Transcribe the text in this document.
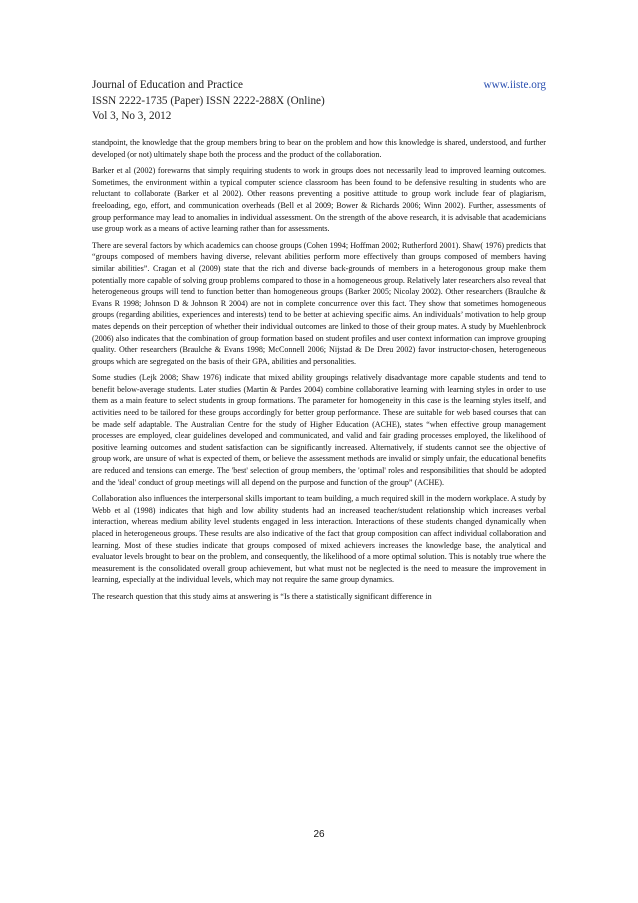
Journal of Education and Practice	www.iiste.org
ISSN 2222-1735 (Paper) ISSN 2222-288X (Online)
Vol 3, No 3, 2012

standpoint, the knowledge that the group members bring to bear on the problem and how this knowledge is shared, understood, and further developed (or not) ultimately shape both the process and the product of the collaboration.

Barker et al (2002) forewarns that simply requiring students to work in groups does not necessarily lead to improved learning outcomes. Sometimes, the environment within a typical computer science classroom has been found to be defensive resulting in students who are reluctant to collaborate (Barker et al 2002). Other reasons preventing a positive attitude to group work include fear of plagiarism, freeloading, ego, effort, and communication overheads (Bell et al 2009; Bower & Richards 2006; Winn 2002). Further, assessments of group performance may lead to anomalies in individual assessment. On the strength of the above research, it is advisable that academicians use group work as a means of active learning rather than for assessments.

There are several factors by which academics can choose groups (Cohen 1994; Hoffman 2002; Rutherford 2001). Shaw( 1976) predicts that “groups composed of members having diverse, relevant abilities perform more effectively than groups composed of members having similar abilities”. Cragan et al (2009) state that the rich and diverse back-grounds of members in a heterogonous group make them potentially more capable of solving group problems compared to those in a homogeneous group. Relatively later researchers also reveal that heterogeneous groups will tend to function better than homogeneous groups (Barker 2005; Nicolay 2002). Other researchers (Braulche & Evans R 1998; Johnson D & Johnson R 2004) are not in complete concurrence over this fact. They show that sometimes homogeneous groups (regarding abilities, experiences and interests) tend to be better at achieving specific aims. An individuals’ motivation to help group mates depends on their perception of whether their individual outcomes are linked to those of their group mates. A study by Muehlenbrock (2006) also indicates that the combination of group formation based on student profiles and user context information can improve grouping quality. Other researchers (Braulche & Evans 1998; McConnell 2006; Nijstad & De Dreu 2002) favor instructor-chosen, heterogeneous groups which are segregated on the basis of their GPA, abilities and personalities.

Some studies (Lejk 2008; Shaw 1976) indicate that mixed ability groupings relatively disadvantage more capable students and tend to benefit below-average students. Later studies (Martin & Pardes 2004) combine collaborative learning with learning styles in order to use them as a main feature to select students in group formations. The parameter for homogeneity in this case is the learning styles itself, and activities need to be tailored for these groups accordingly for better group performance. These are suitable for web based courses that can be made self adaptable. The Australian Centre for the study of Higher Education (ACHE), states “when effective group management processes are employed, clear guidelines developed and communicated, and valid and fair grading processes employed, the likelihood of positive learning outcomes and student satisfaction can be significantly increased. Alternatively, if students cannot see the objective of group work, are unsure of what is expected of them, or believe the assessment methods are invalid or simply unfair, the educational benefits are reduced and tensions can emerge. The 'best' selection of group members, the 'optimal' roles and responsibilities that should be adopted and the 'ideal' conduct of group meetings will all depend on the purpose and function of the group” (ACHE).

Collaboration also influences the interpersonal skills important to team building, a much required skill in the modern workplace. A study by Webb et al (1998) indicates that high and low ability students had an increased teacher/student relationship which increases verbal interaction, whereas medium ability level students engaged in less interaction. Interactions of these students changed dynamically when placed in heterogeneous groups. These results are also indicative of the fact that group composition can affect individual collaboration and learning. Most of these studies indicate that groups composed of mixed achievers increases the knowledge base, the analytical and evaluator levels brought to bear on the problem, and consequently, the likelihood of a more optimal solution. This is notably true where the measurement is the consolidated overall group achievement, but what must not be neglected is the need to measure the improvement in learning, especially at the individual levels, which may not require the same group dynamics.

The research question that this study aims at answering is “Is there a statistically significant difference in

26
